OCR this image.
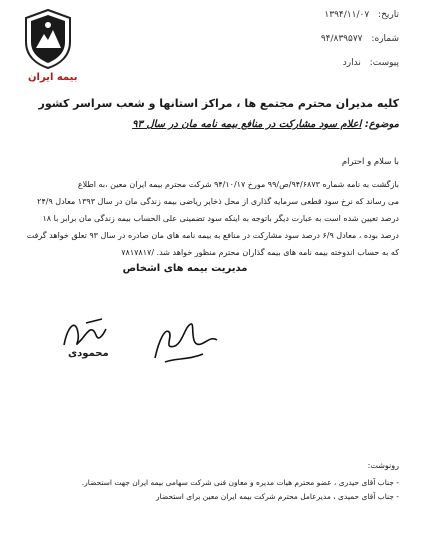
بیمه ایران
تاریخ: ۱۳۹۴/۱۱/۰۷
شماره: ۹۴/۸۳۹۵۷۷
پیوست: ندارد
کلیه مدیران محترم مجتمع ها ، مراکز استانها و شعب سراسر کشور
موضوع: اعلام سود مشارکت در منافع بیمه نامه مان در سال ۹۳
با سلام و احترام
بازگشت به نامه شماره ۹۴/۶۸۷۳/ص/۹۹ مورخ ۹۴/۱۰/۱۷ شرکت محترم بیمه ایران معین ،به اطلاع
می رساند که نرخ سود قطعی سرمایه گذاری از محل ذخایر ریاضی بیمه زندگی مان در سال ۱۳۹۳ معادل ۲۴/۹
درصد تعیین شده است به عبارت دیگر باتوجه به اینکه سود تضمینی علی الحساب بیمه زندگی مان برابر با ۱۸
درصد بوده ، معادل ۶/۹ درصد سود مشارکت در منافع به بیمه نامه های مان صادره در سال ۹۳ تعلق خواهد گرفت
که به حساب اندوخته بیمه نامه های بیمه گذاران محترم منظور خواهد شد. /۷۸۱۷۸۱۷
مدیریت بیمه های اشخاص
محمودی
رونوشت:
- جناب آقای حیدری ، عضو محترم هیات مدیره و معاون فنی شرکت سهامی بیمه ایران جهت استحضار.
- جناب آقای حمیدی ، مدیرعامل محترم شرکت بیمه ایران معین برای استحضار
